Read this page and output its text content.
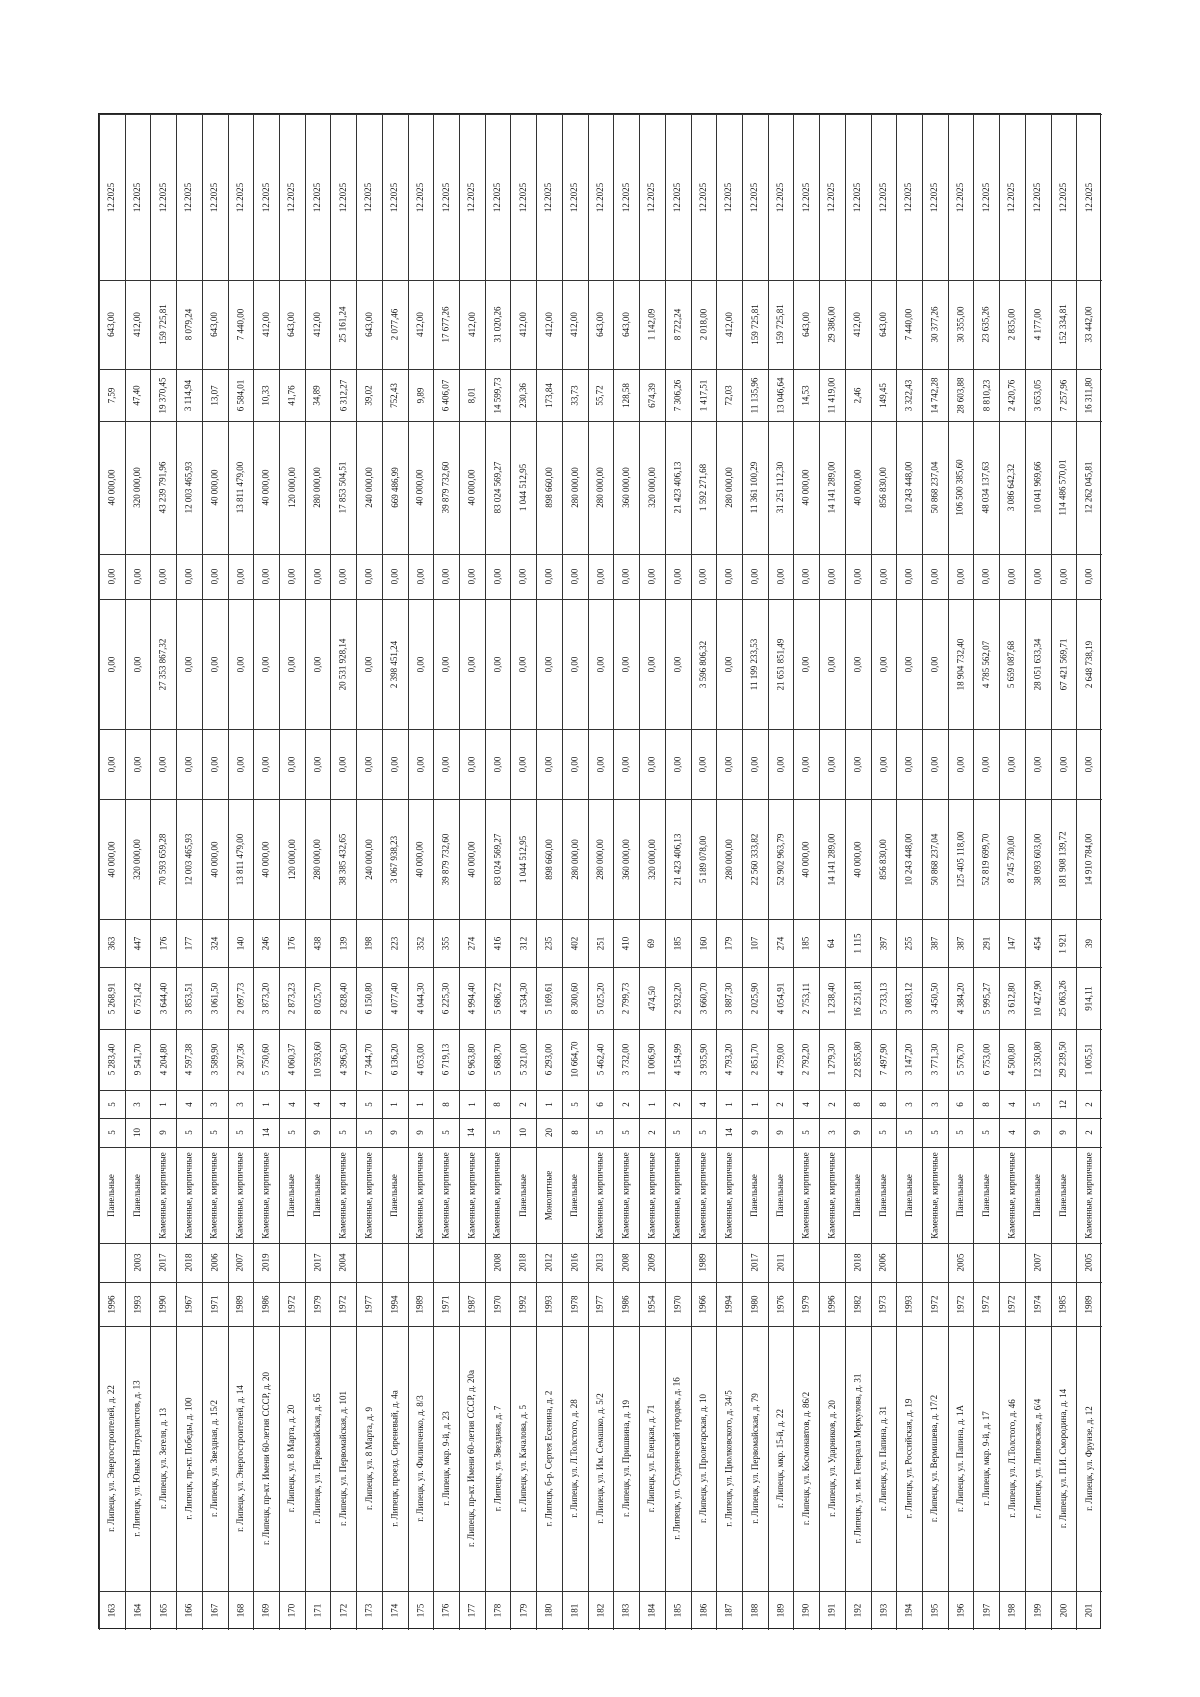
163
г. Липецк, ул. Энергостроителей, д. 22
1996
Панельные
5
5
5 283,40
5 268,91
363
40 000,00
0,00
0,00
0,00
40 000,00
7,59
643,00
12.2025
164
г. Липецк, ул. Юных Натуралистов, д. 13
1993
2003
Панельные
10
3
9 541,70
6 751,42
447
320 000,00
0,00
0,00
0,00
320 000,00
47,40
412,00
12.2025
165
г. Липецк, ул. Зегеля, д. 13
1990
2017
Каменные, кирпичные
9
1
4 204,80
3 644,40
176
70 593 659,28
0,00
27 353 867,32
0,00
43 239 791,96
19 370,45
159 725,81
12.2025
166
г. Липецк, пр-кт. Победы, д. 100
1967
2018
Каменные, кирпичные
5
4
4 597,38
3 853,51
177
12 003 465,93
0,00
0,00
0,00
12 003 465,93
3 114,94
8 079,24
12.2025
167
г. Липецк, ул. Звездная, д. 15/2
1971
2006
Каменные, кирпичные
5
3
3 589,90
3 061,50
324
40 000,00
0,00
0,00
0,00
40 000,00
13,07
643,00
12.2025
168
г. Липецк, ул. Энергостроителей, д. 14
1989
2007
Каменные, кирпичные
5
3
2 307,36
2 097,73
140
13 811 479,00
0,00
0,00
0,00
13 811 479,00
6 584,01
7 440,00
12.2025
169
г. Липецк, пр-кт. Имени 60-летия СССР, д. 20
1986
2019
Каменные, кирпичные
14
1
5 750,60
3 873,20
246
40 000,00
0,00
0,00
0,00
40 000,00
10,33
412,00
12.2025
170
г. Липецк, ул. 8 Марта, д. 20
1972
Панельные
5
4
4 060,37
2 873,23
176
120 000,00
0,00
0,00
0,00
120 000,00
41,76
643,00
12.2025
171
г. Липецк, ул. Первомайская, д. 65
1979
2017
Панельные
9
4
10 593,60
8 025,70
438
280 000,00
0,00
0,00
0,00
280 000,00
34,89
412,00
12.2025
172
г. Липецк, ул. Первомайская, д. 101
1972
2004
Каменные, кирпичные
5
4
4 396,50
2 828,40
139
38 385 432,65
0,00
20 531 928,14
0,00
17 853 504,51
6 312,27
25 161,24
12.2025
173
г. Липецк, ул. 8 Марта, д. 9
1977
Каменные, кирпичные
5
5
7 344,70
6 150,80
198
240 000,00
0,00
0,00
0,00
240 000,00
39,02
643,00
12.2025
174
г. Липецк, проезд. Сиреневый, д. 4а
1994
Панельные
9
1
6 136,20
4 077,40
223
3 067 938,23
0,00
2 398 451,24
0,00
669 486,99
752,43
2 077,46
12.2025
175
г. Липецк, ул. Филипченко, д. 8/3
1989
Каменные, кирпичные
9
1
4 053,00
4 044,30
352
40 000,00
0,00
0,00
0,00
40 000,00
9,89
412,00
12.2025
176
г. Липецк, мкр. 9-й, д. 23
1971
Каменные, кирпичные
5
8
6 719,13
6 225,30
355
39 879 732,60
0,00
0,00
0,00
39 879 732,60
6 406,07
17 677,26
12.2025
177
г. Липецк, пр-кт. Имени 60-летия СССР, д. 20а
1987
Каменные, кирпичные
14
1
6 963,80
4 994,40
274
40 000,00
0,00
0,00
0,00
40 000,00
8,01
412,00
12.2025
178
г. Липецк, ул. Звездная, д. 7
1970
2008
Каменные, кирпичные
5
8
5 688,70
5 686,72
416
83 024 569,27
0,00
0,00
0,00
83 024 569,27
14 599,73
31 020,26
12.2025
179
г. Липецк, ул. Качалова, д. 5
1992
2018
Панельные
10
2
5 321,00
4 534,30
312
1 044 512,95
0,00
0,00
0,00
1 044 512,95
230,36
412,00
12.2025
180
г. Липецк, б-р. Сергея Есенина, д. 2
1993
2012
Монолитные
20
1
6 293,00
5 169,61
235
898 660,00
0,00
0,00
0,00
898 660,00
173,84
412,00
12.2025
181
г. Липецк, ул. Л.Толстого, д. 28
1978
2016
Панельные
8
5
10 664,70
8 300,60
402
280 000,00
0,00
0,00
0,00
280 000,00
33,73
412,00
12.2025
182
г. Липецк, ул. Им. Семашко, д. 5/2
1977
2013
Каменные, кирпичные
5
6
5 462,40
5 025,20
251
280 000,00
0,00
0,00
0,00
280 000,00
55,72
643,00
12.2025
183
г. Липецк, ул. Пришвина, д. 19
1986
2008
Каменные, кирпичные
5
2
3 732,00
2 799,73
410
360 000,00
0,00
0,00
0,00
360 000,00
128,58
643,00
12.2025
184
г. Липецк, ул. Елецкая, д. 71
1954
2009
Каменные, кирпичные
2
1
1 006,90
474,50
69
320 000,00
0,00
0,00
0,00
320 000,00
674,39
1 142,09
12.2025
185
г. Липецк, ул. Студенческий городок, д. 16
1970
Каменные, кирпичные
5
2
4 154,99
2 932,20
185
21 423 406,13
0,00
0,00
0,00
21 423 406,13
7 306,26
8 722,24
12.2025
186
г. Липецк, ул. Пролетарская, д. 10
1966
1989
Каменные, кирпичные
5
4
3 935,90
3 660,70
160
5 189 078,00
0,00
3 596 806,32
0,00
1 592 271,68
1 417,51
2 018,00
12.2025
187
г. Липецк, ул. Циолковского, д. 34/5
1994
Каменные, кирпичные
14
1
4 793,20
3 887,30
179
280 000,00
0,00
0,00
0,00
280 000,00
72,03
412,00
12.2025
188
г. Липецк, ул. Первомайская, д. 79
1980
2017
Панельные
9
1
2 851,70
2 025,90
107
22 560 333,82
0,00
11 199 233,53
0,00
11 361 100,29
11 135,96
159 725,81
12.2025
189
г. Липецк, мкр. 15-й, д. 22
1976
2011
Панельные
9
2
4 759,00
4 054,91
274
52 902 963,79
0,00
21 651 851,49
0,00
31 251 112,30
13 046,64
159 725,81
12.2025
190
г. Липецк, ул. Космонавтов, д. 86/2
1979
Каменные, кирпичные
5
4
2 792,20
2 753,11
185
40 000,00
0,00
0,00
0,00
40 000,00
14,53
643,00
12.2025
191
г. Липецк, ул. Ударников, д. 20
1996
Каменные, кирпичные
3
2
1 279,30
1 238,40
64
14 141 289,00
0,00
0,00
0,00
14 141 289,00
11 419,00
29 386,00
12.2025
192
г. Липецк, ул. им. Генерала Меркулова, д. 31
1982
2018
Панельные
9
8
22 855,80
16 251,81
1 115
40 000,00
0,00
0,00
0,00
40 000,00
2,46
412,00
12.2025
193
г. Липецк, ул. Папина, д. 31
1973
2006
Панельные
5
8
7 497,90
5 733,13
397
856 830,00
0,00
0,00
0,00
856 830,00
149,45
643,00
12.2025
194
г. Липецк, ул. Российская, д. 19
1993
Панельные
5
3
3 147,20
3 083,12
255
10 243 448,00
0,00
0,00
0,00
10 243 448,00
3 322,43
7 440,00
12.2025
195
г. Липецк, ул. Вермишева, д. 17/2
1972
Каменные, кирпичные
5
3
3 771,30
3 450,50
387
50 868 237,04
0,00
0,00
0,00
50 868 237,04
14 742,28
30 377,26
12.2025
196
г. Липецк, ул. Папина, д. 1А
1972
2005
Панельные
5
6
5 576,70
4 384,20
387
125 405 118,00
0,00
18 904 732,40
0,00
106 500 385,60
28 603,88
30 355,00
12.2025
197
г. Липецк, мкр. 9-й, д. 17
1972
Панельные
5
8
6 753,00
5 995,27
291
52 819 699,70
0,00
4 785 562,07
0,00
48 034 137,63
8 810,23
23 635,26
12.2025
198
г. Липецк, ул. Л.Толстого, д. 46
1972
Каменные, кирпичные
4
4
4 500,80
3 612,80
147
8 745 730,00
0,00
5 659 087,68
0,00
3 086 642,32
2 420,76
2 835,00
12.2025
199
г. Липецк, ул. Липовская, д. 6/4
1974
2007
Панельные
9
5
12 350,80
10 427,90
454
38 093 603,00
0,00
28 051 633,34
0,00
10 041 969,66
3 653,05
4 177,00
12.2025
200
г. Липецк, ул. П.И. Смородина, д. 14
1985
Панельные
9
12
29 239,50
25 063,26
1 921
181 908 139,72
0,00
67 421 569,71
0,00
114 486 570,01
7 257,96
152 334,81
12.2025
201
г. Липецк, ул. Фрунзе, д. 12
1989
2005
Каменные, кирпичные
2
2
1 005,51
914,11
39
14 910 784,00
0,00
2 648 738,19
0,00
12 262 045,81
16 311,80
33 442,00
12.2025
